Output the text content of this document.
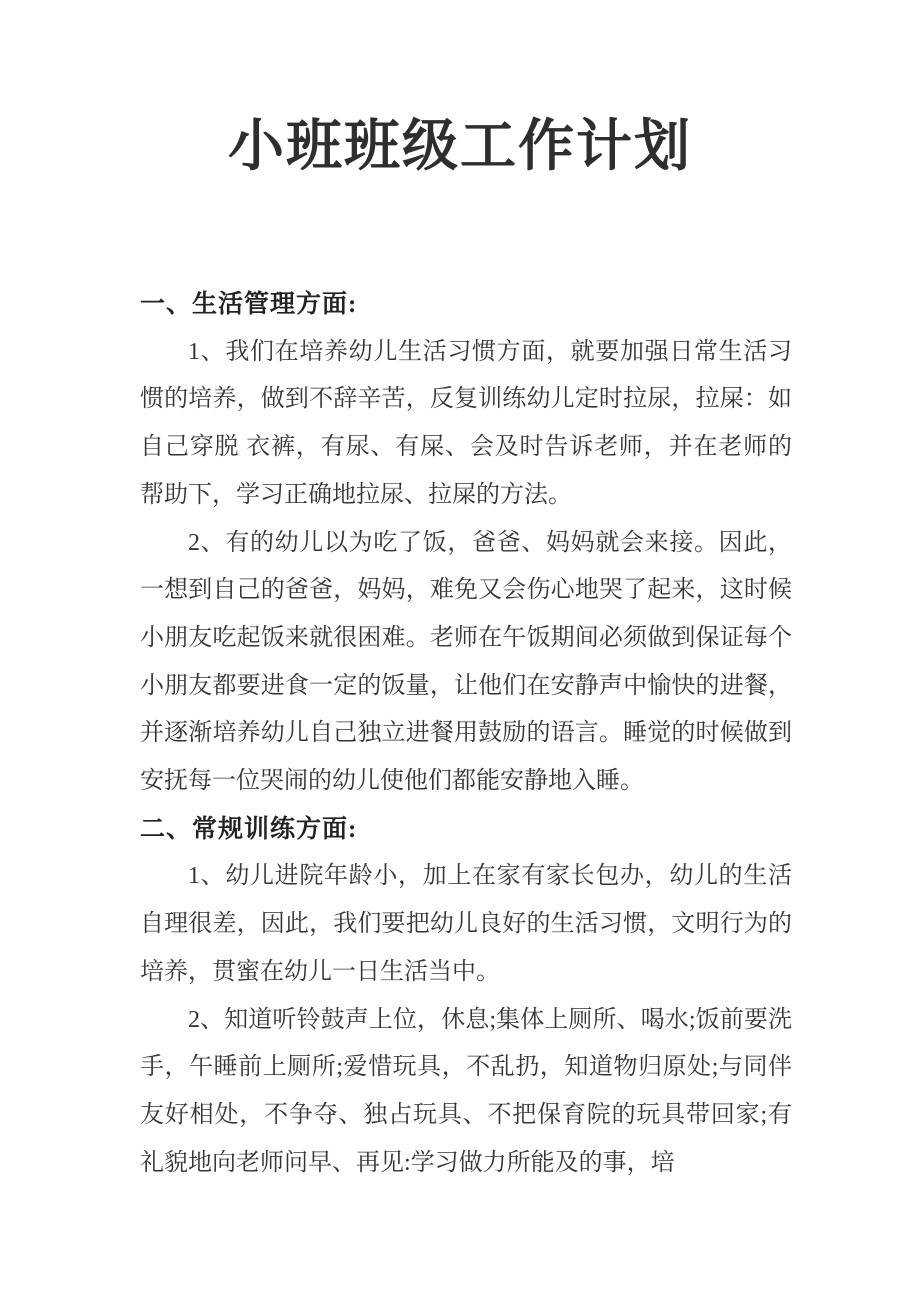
小班班级工作计划
一、生活管理方面:

1、我们在培养幼儿生活习惯方面，就要加强日常生活习惯的培养，做到不辞辛苦，反复训练幼儿定时拉尿，拉屎：如自己穿脱 衣裤，有尿、有屎、会及时告诉老师，并在老师的帮助下，学习正确地拉尿、拉屎的方法。

2、有的幼儿以为吃了饭，爸爸、妈妈就会来接。因此，一想到自己的爸爸，妈妈，难免又会伤心地哭了起来，这时候小朋友吃起饭来就很困难。老师在午饭期间必须做到保证每个小朋友都要进食一定的饭量，让他们在安静声中愉快的进餐，并逐渐培养幼儿自己独立进餐用鼓励的语言。睡觉的时候做到安抚每一位哭闹的幼儿使他们都能安静地入睡。

二、常规训练方面:

1、幼儿进院年龄小，加上在家有家长包办，幼儿的生活自理很差，因此，我们要把幼儿良好的生活习惯，文明行为的培养，贯蜜在幼儿一日生活当中。

2、知道听铃鼓声上位，休息;集体上厕所、喝水;饭前要洗手，午睡前上厕所;爱惜玩具，不乱扔，知道物归原处;与同伴友好相处，不争夺、独占玩具、不把保育院的玩具带回家;有礼貌地向老师问早、再见:学习做力所能及的事，培
